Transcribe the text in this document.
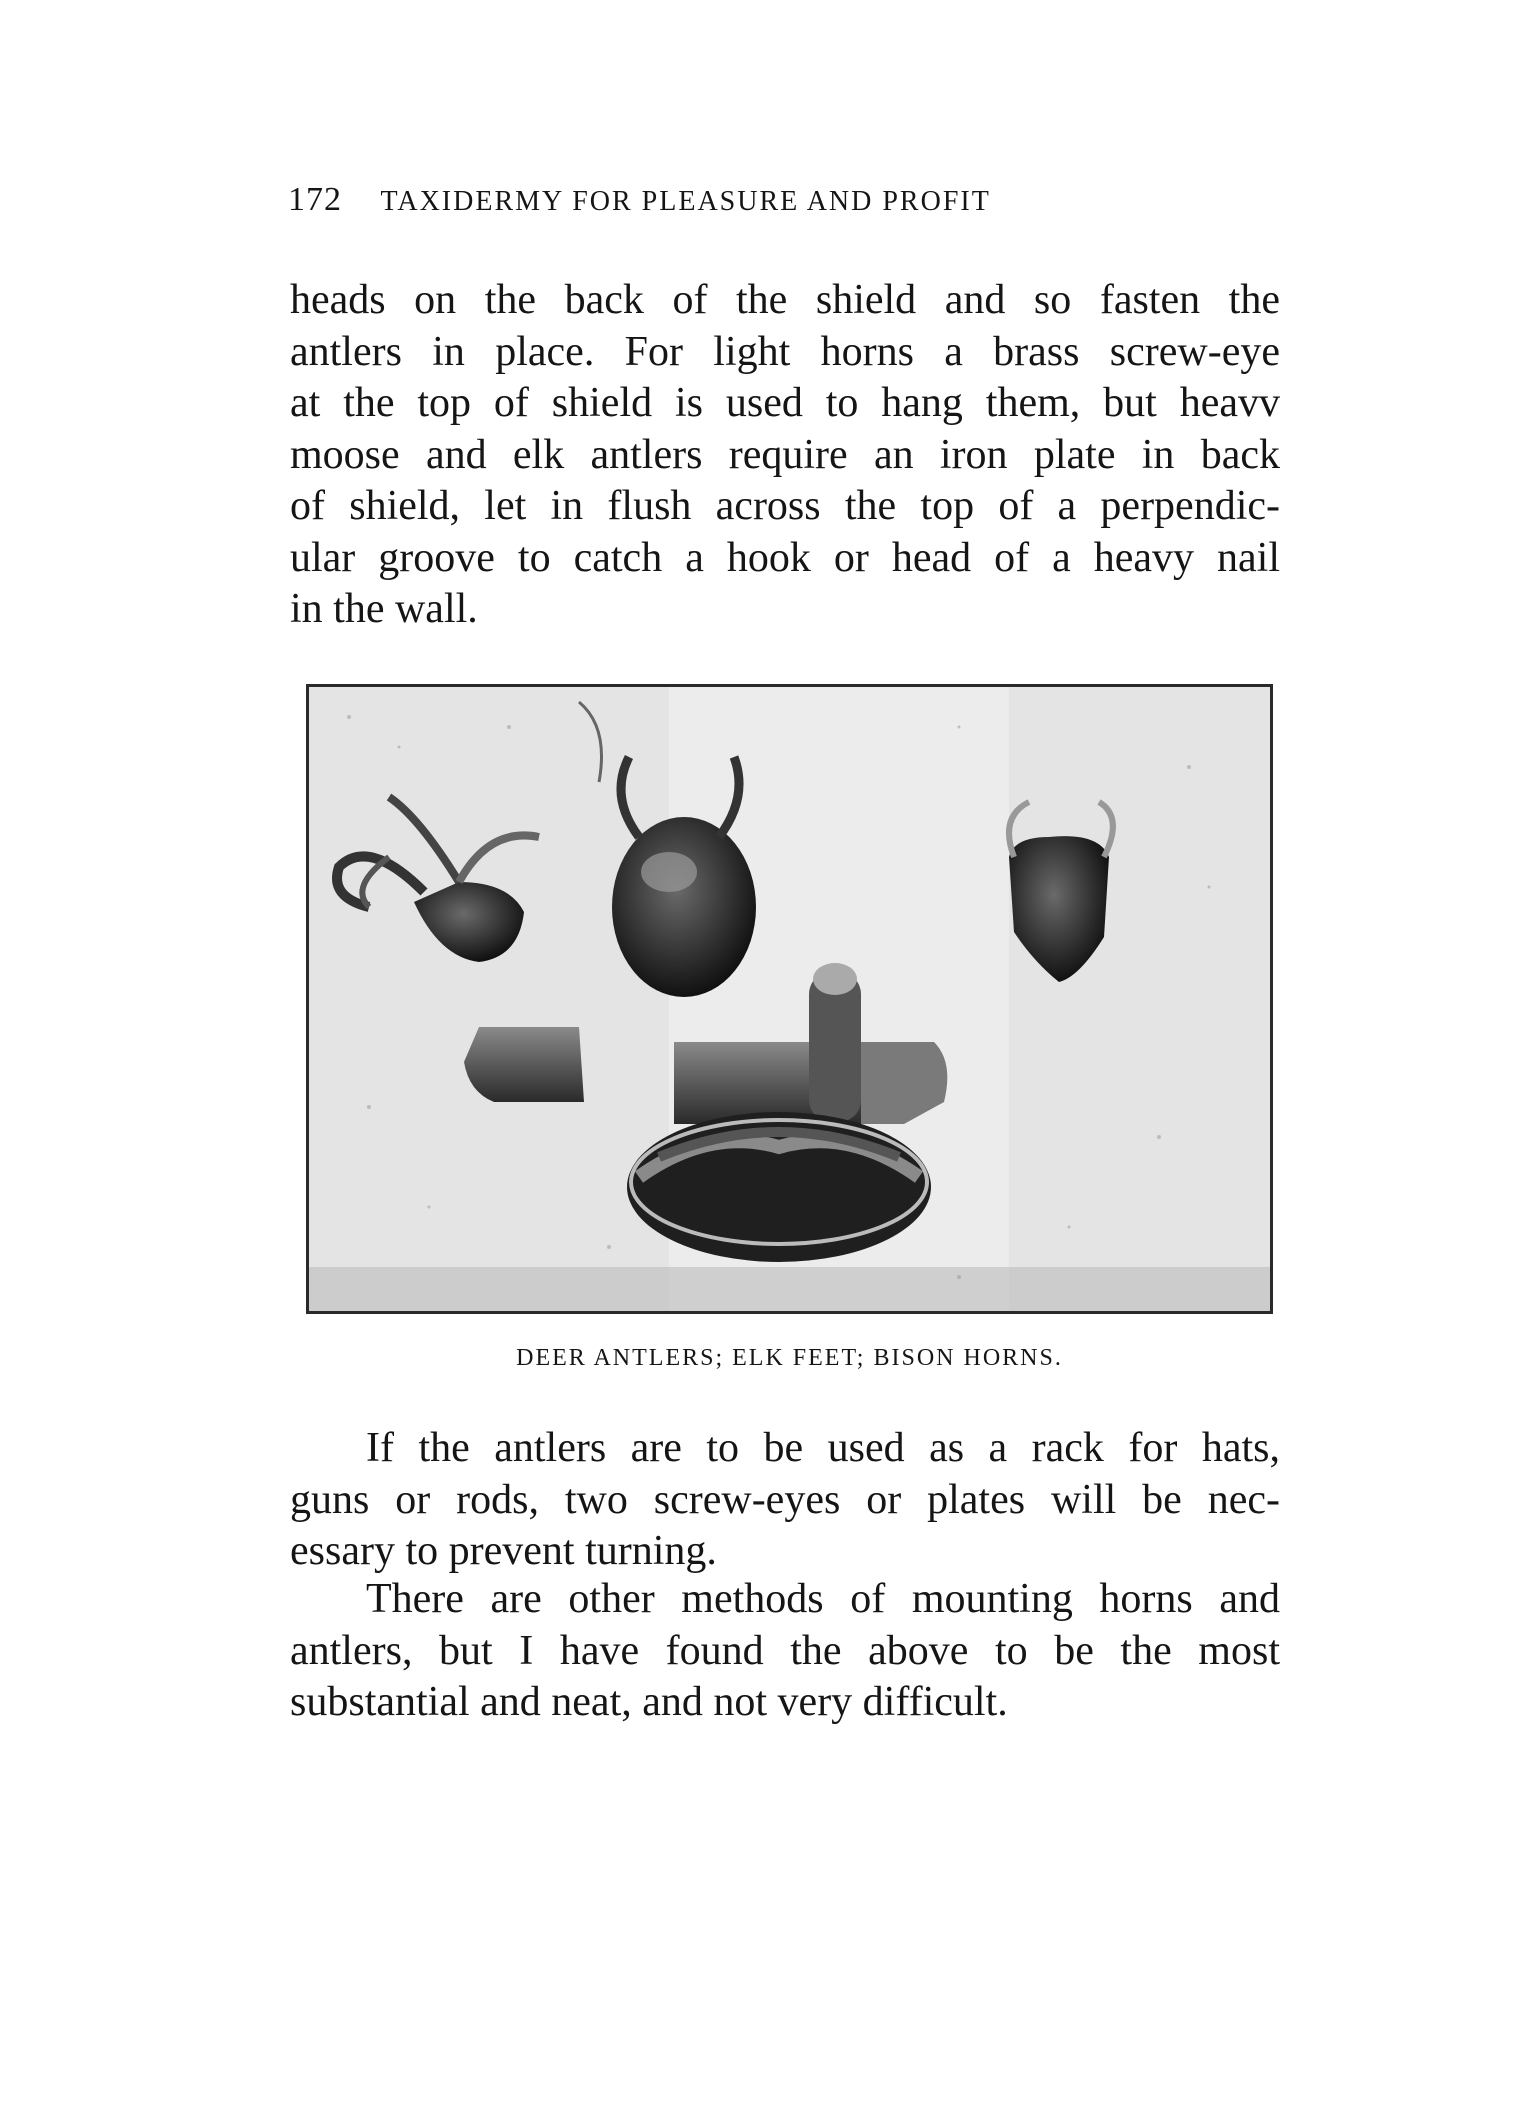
172 TAXIDERMY FOR PLEASURE AND PROFIT
heads on the back of the shield and so fasten the
antlers in place. For light horns a brass screw-eye
at the top of shield is used to hang them, but heavv
moose and elk antlers require an iron plate in back
of shield, let in flush across the top of a perpendic-
ular groove to catch a hook or head of a heavy nail
in the wall.
DEER ANTLERS; ELK FEET; BISON HORNS.
If the antlers are to be used as a rack for hats,
guns or rods, two screw-eyes or plates will be nec-
essary to prevent turning.
There are other methods of mounting horns and
antlers, but I have found the above to be the most
substantial and neat, and not very difficult.
